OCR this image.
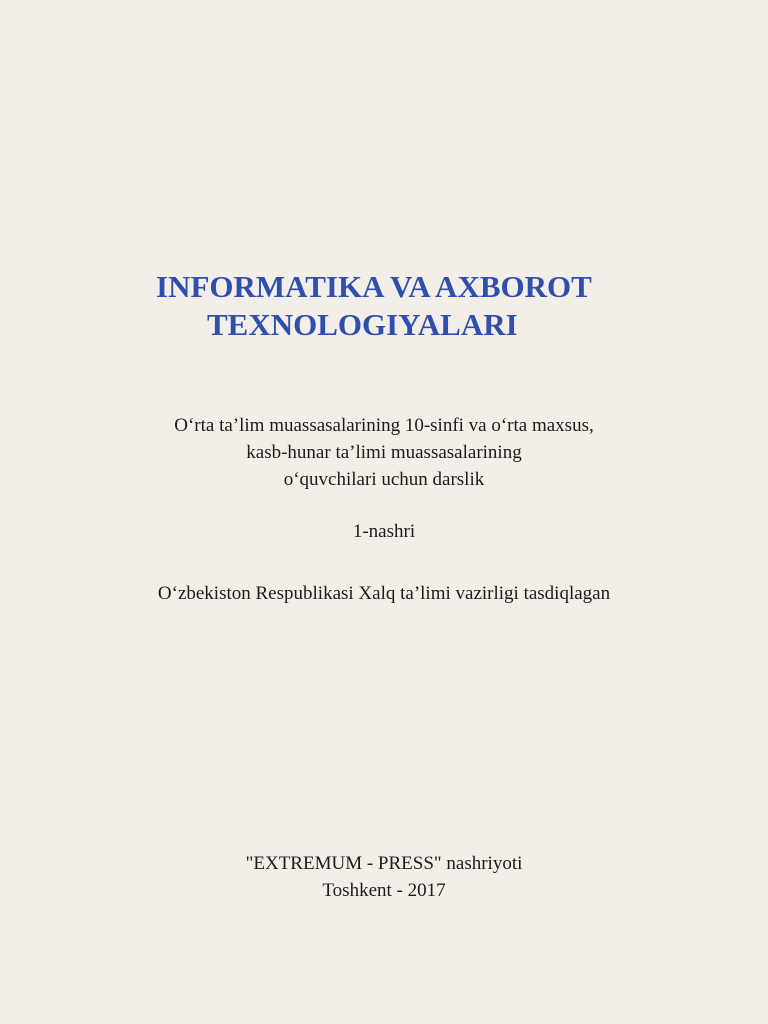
INFORMATIKA VA AXBOROT
TEXNOLOGIYALARI
O‘rta ta’lim muassasalarining 10-sinfi va o‘rta maxsus,
kasb-hunar ta’limi muassasalarining
o‘quvchilari uchun darslik
1-nashri
O‘zbekiston Respublikasi Xalq ta’limi vazirligi tasdiqlagan
"EXTREMUM - PRESS" nashriyoti
Toshkent - 2017
